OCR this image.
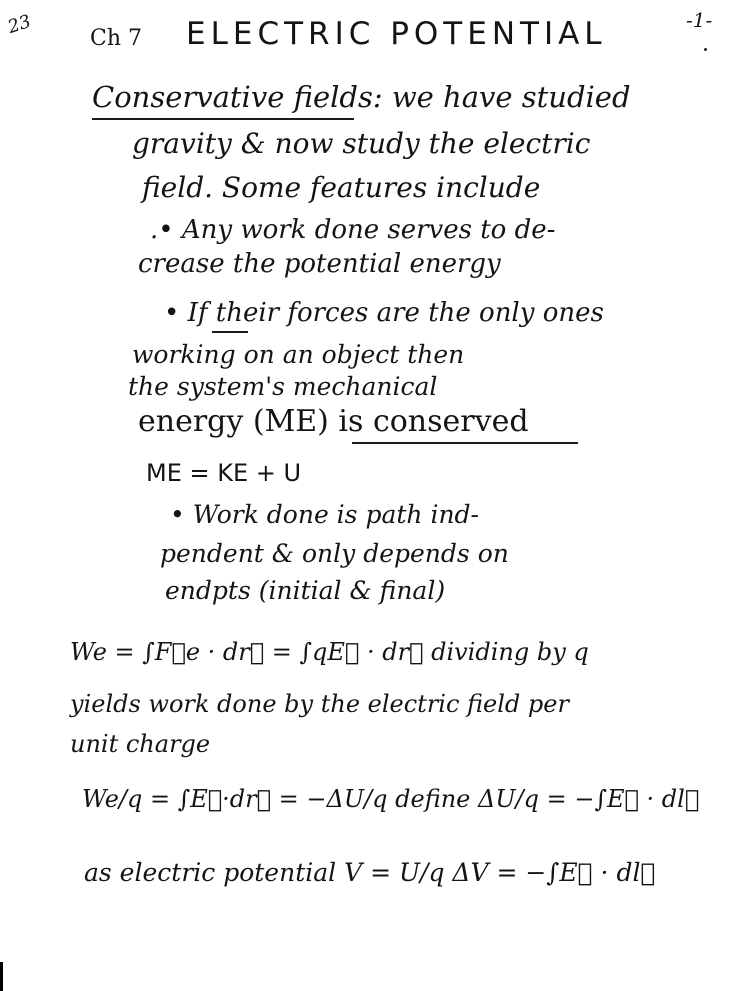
23	-1-
Ch 7 ELECTRIC POTENTIAL
Conservative fields: we have studied
gravity & now study the electric
field. Some features include
.• Any work done serves to de-
crease the potential energy
• If their forces are the only ones
working on an object then
the system's mechanical
energy (ME) is conserved
ME = KE + U
• Work done is path ind-
pendent & only depends on
endpts (initial & final)
We = ∫F⃗e · dr⃗ = ∫qE⃗ · dr⃗ dividing by q
yields work done by the electric field per
unit charge
We/q = ∫E⃗·dr⃗ = −ΔU/q define ΔU/q = −∫E⃗ · dl⃗
as electric potential V = U/q ΔV = −∫E⃗ · dl⃗
